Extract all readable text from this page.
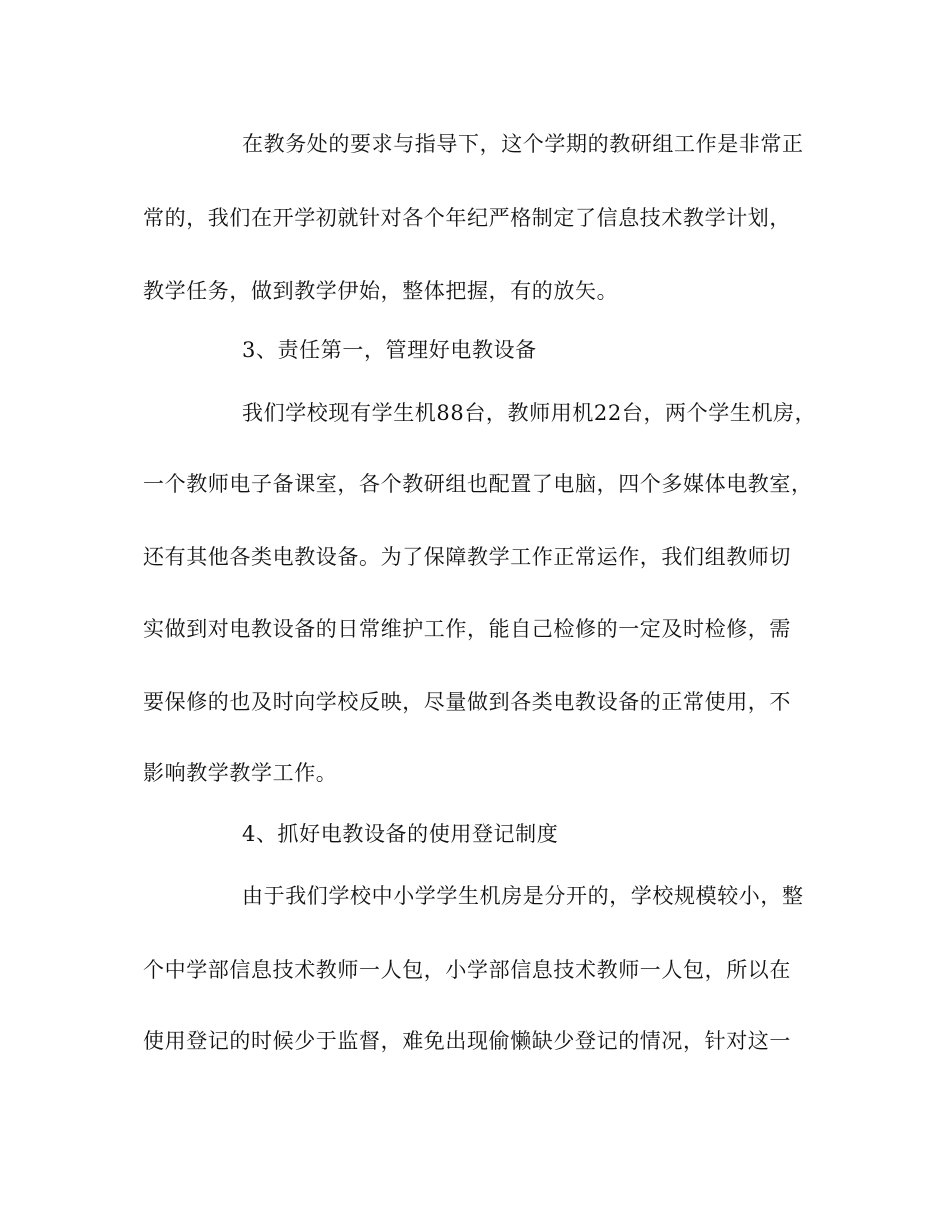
在教务处的要求与指导下，这个学期的教研组工作是非常正
常的，我们在开学初就针对各个年纪严格制定了信息技术教学计划，
教学任务，做到教学伊始，整体把握，有的放矢。
3、责任第一，管理好电教设备
我们学校现有学生机88台，教师用机22台，两个学生机房，
一个教师电子备课室，各个教研组也配置了电脑，四个多媒体电教室，
还有其他各类电教设备。为了保障教学工作正常运作，我们组教师切
实做到对电教设备的日常维护工作，能自己检修的一定及时检修，需
要保修的也及时向学校反映，尽量做到各类电教设备的正常使用，不
影响教学教学工作。
4、抓好电教设备的使用登记制度
由于我们学校中小学学生机房是分开的，学校规模较小，整
个中学部信息技术教师一人包，小学部信息技术教师一人包，所以在
使用登记的时候少于监督，难免出现偷懒缺少登记的情况，针对这一
